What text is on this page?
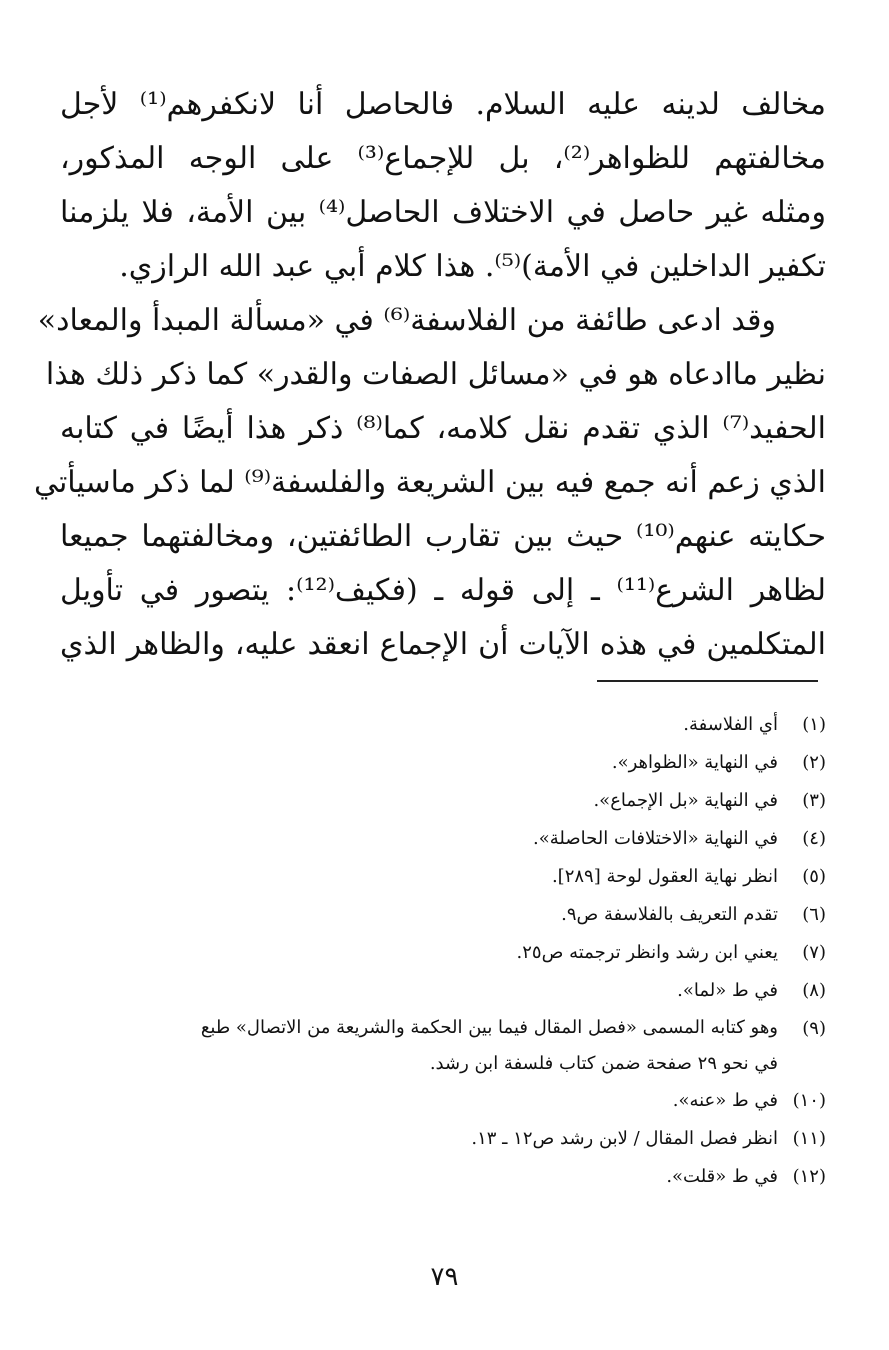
مخالف لدينه عليه السلام. فالحاصل أنا لانكفرهم⁽¹⁾ لأجل
مخالفتهم للظواهر⁽²⁾، بل للإجماع⁽³⁾ على الوجه المذكور،
ومثله غير حاصل في الاختلاف الحاصل⁽⁴⁾ بين الأمة، فلا يلزمنا
تكفير الداخلين في الأمة)⁽⁵⁾. هذا كلام أبي عبد الله الرازي.
وقد ادعى طائفة من الفلاسفة⁽⁶⁾ في «مسألة المبدأ والمعاد»
نظير ماادعاه هو في «مسائل الصفات والقدر» كما ذكر ذلك هذا
الحفيد⁽⁷⁾ الذي تقدم نقل كلامه، كما⁽⁸⁾ ذكر هذا أيضًا في كتابه
الذي زعم أنه جمع فيه بين الشريعة والفلسفة⁽⁹⁾ لما ذكر ماسيأتي
حكايته عنهم⁽¹⁰⁾ حيث بين تقارب الطائفتين، ومخالفتهما جميعا
لظاهر الشرع⁽¹¹⁾ ـ إلى قوله ـ (فكيف⁽¹²⁾: يتصور في تأويل
المتكلمين في هذه الآيات أن الإجماع انعقد عليه، والظاهر الذي
(١)
أي الفلاسفة.
(٢)
في النهاية «الظواهر».
(٣)
في النهاية «بل الإجماع».
(٤)
في النهاية «الاختلافات الحاصلة».
(٥)
انظر نهاية العقول لوحة [٢٨٩].
(٦)
تقدم التعريف بالفلاسفة ص٩.
(٧)
يعني ابن رشد وانظر ترجمته ص٢٥.
(٨)
في ط «لما».
(٩)
وهو كتابه المسمى «فصل المقال فيما بين الحكمة والشريعة من الاتصال» طبع
في نحو ٢٩ صفحة ضمن كتاب فلسفة ابن رشد.
(١٠)
في ط «عنه».
(١١)
انظر فصل المقال / لابن رشد ص١٢ ـ ١٣.
(١٢)
في ط «قلت».
٧٩
